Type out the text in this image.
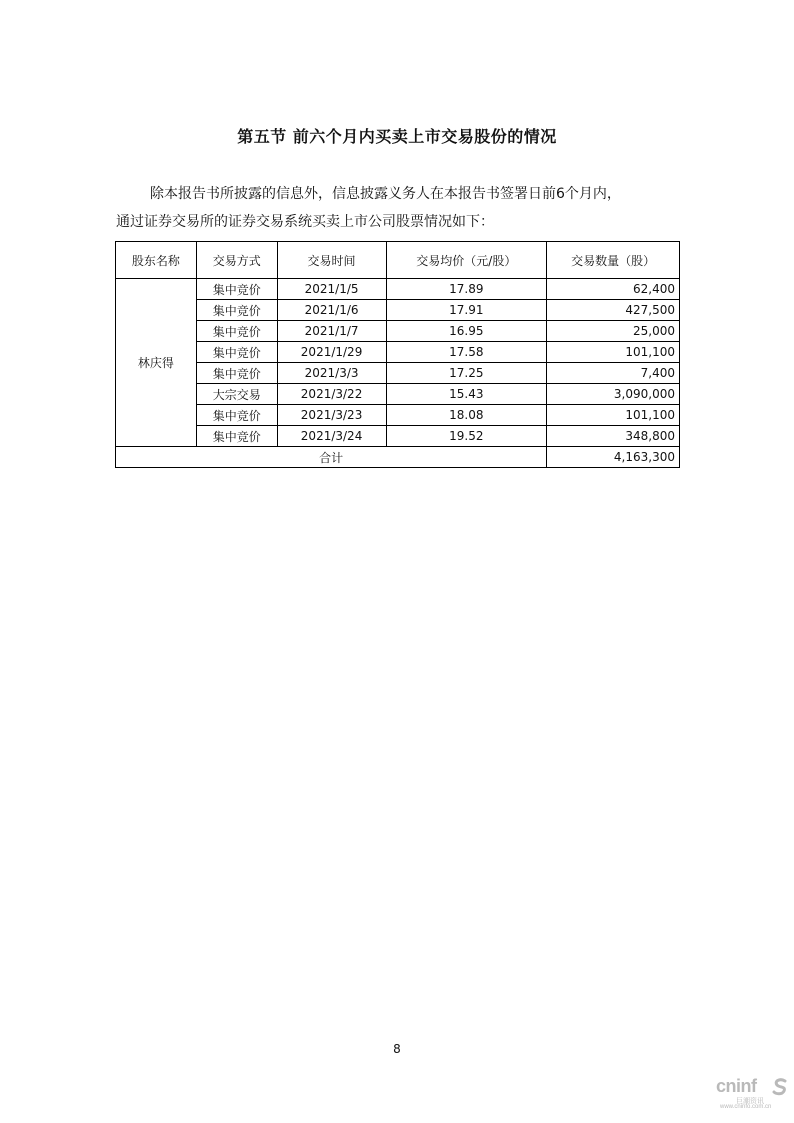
第五节 前六个月内买卖上市交易股份的情况
除本报告书所披露的信息外，信息披露义务人在本报告书签署日前6个月内，
通过证券交易所的证券交易系统买卖上市公司股票情况如下：
股东名称	交易方式	交易时间	交易均价（元/股）	交易数量（股）
林庆得	集中竞价	2021/1/5	17.89	62,400
	集中竞价	2021/1/6	17.91	427,500
	集中竞价	2021/1/7	16.95	25,000
	集中竞价	2021/1/29	17.58	101,100
	集中竞价	2021/3/3	17.25	7,400
	大宗交易	2021/3/22	15.43	3,090,000
	集中竞价	2021/3/23	18.08	101,100
	集中竞价	2021/3/24	19.52	348,800
合计				4,163,300
8
cninf
巨潮资讯
www.cninfo.com.cn
